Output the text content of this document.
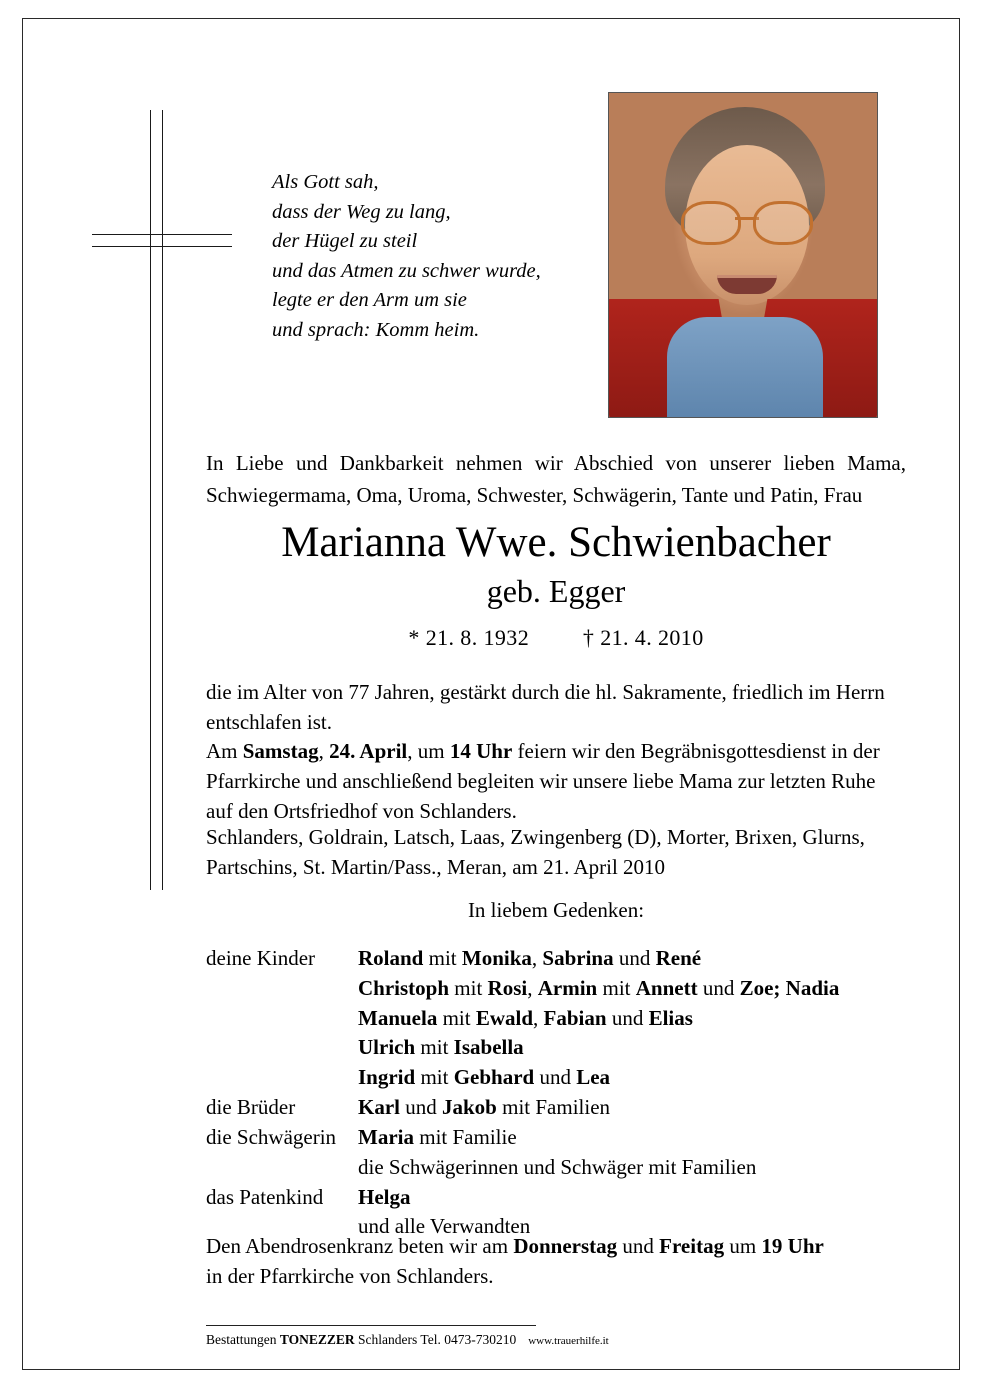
Als Gott sah,
dass der Weg zu lang,
der Hügel zu steil
und das Atmen zu schwer wurde,
legte er den Arm um sie
und sprach: Komm heim.
In Liebe und Dankbarkeit nehmen wir Abschied von unserer lieben Mama, Schwiegermama, Oma, Uroma, Schwester, Schwägerin, Tante und Patin, Frau
Marianna Wwe. Schwienbacher
geb. Egger
* 21. 8. 1932 † 21. 4. 2010
die im Alter von 77 Jahren, gestärkt durch die hl. Sakramente, friedlich im Herrn entschlafen ist.
Am Samstag, 24. April, um 14 Uhr feiern wir den Begräbnisgottesdienst in der Pfarrkirche und anschließend begleiten wir unsere liebe Mama zur letzten Ruhe auf den Ortsfriedhof von Schlanders.
Schlanders, Goldrain, Latsch, Laas, Zwingenberg (D), Morter, Brixen, Glurns, Partschins, St. Martin/Pass., Meran, am 21. April 2010
In liebem Gedenken:
deine Kinder	Roland mit Monika, Sabrina und René
Christoph mit Rosi, Armin mit Annett und Zoe; Nadia
Manuela mit Ewald, Fabian und Elias
Ulrich mit Isabella
Ingrid mit Gebhard und Lea
die Brüder	Karl und Jakob mit Familien
die Schwägerin	Maria mit Familie
die Schwägerinnen und Schwäger mit Familien
das Patenkind	Helga
und alle Verwandten
Den Abendrosenkranz beten wir am Donnerstag und Freitag um 19 Uhr
in der Pfarrkirche von Schlanders.
Bestattungen TONEZZER Schlanders Tel. 0473-730210 www.trauerhilfe.it
